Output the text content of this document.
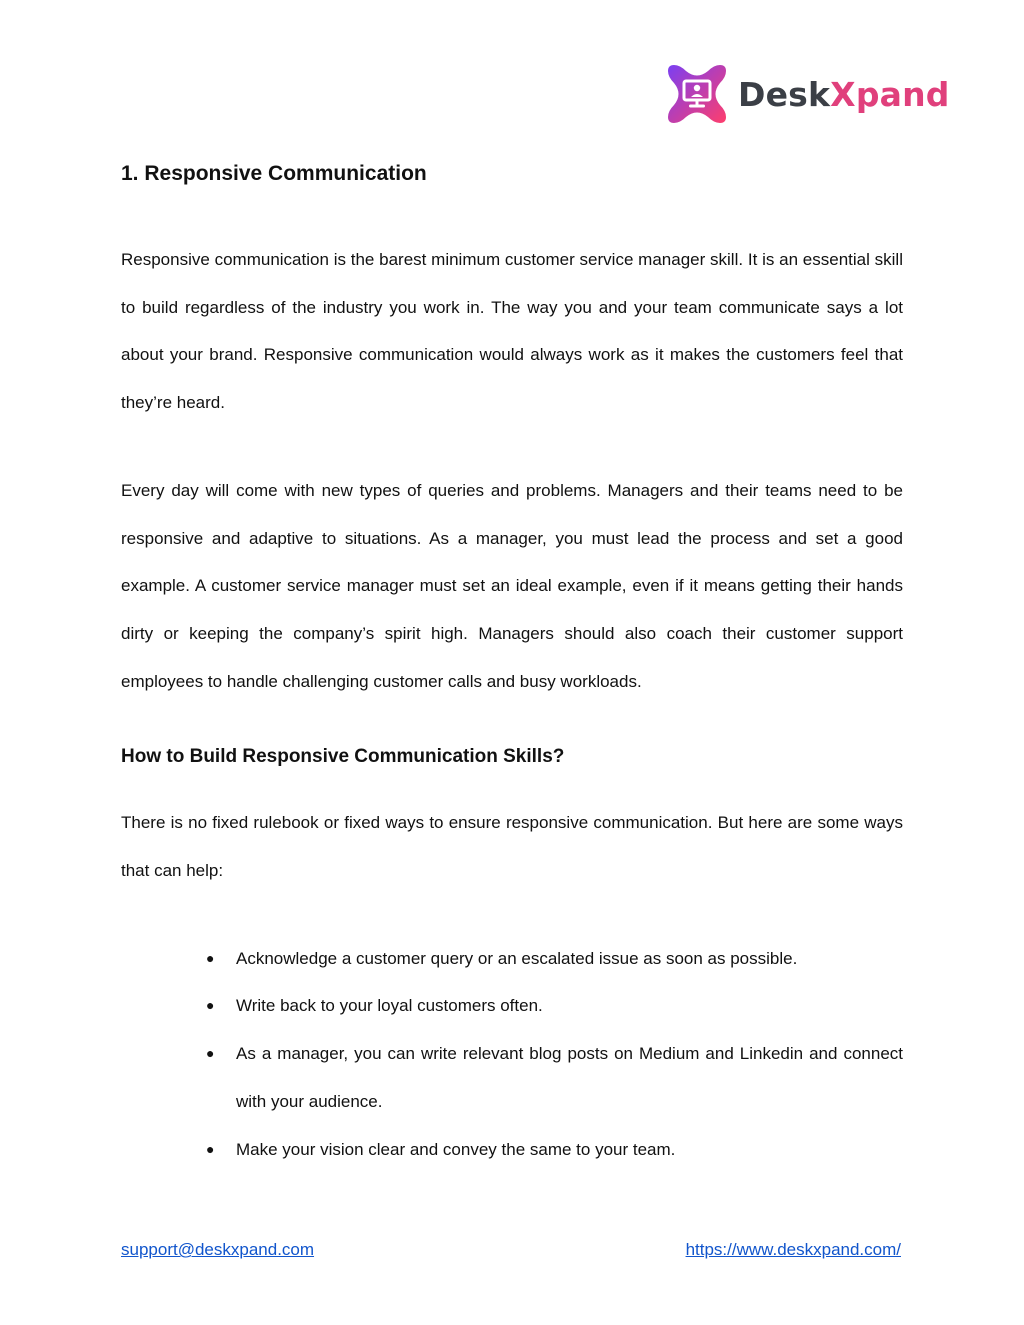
DeskXpand
1. Responsive Communication

Responsive communication is the barest minimum customer service manager skill. It is an essential skill to build regardless of the industry you work in. The way you and your team communicate says a lot about your brand. Responsive communication would always work as it makes the customers feel that they’re heard.

Every day will come with new types of queries and problems. Managers and their teams need to be responsive and adaptive to situations. As a manager, you must lead the process and set a good example. A customer service manager must set an ideal example, even if it means getting their hands dirty or keeping the company’s spirit high. Managers should also coach their customer support employees to handle challenging customer calls and busy workloads.

How to Build Responsive Communication Skills?

There is no fixed rulebook or fixed ways to ensure responsive communication. But here are some ways that can help:

● Acknowledge a customer query or an escalated issue as soon as possible.
● Write back to your loyal customers often.
● As a manager, you can write relevant blog posts on Medium and Linkedin and connect with your audience.
● Make your vision clear and convey the same to your team.
support@deskxpand.com	https://www.deskxpand.com/
